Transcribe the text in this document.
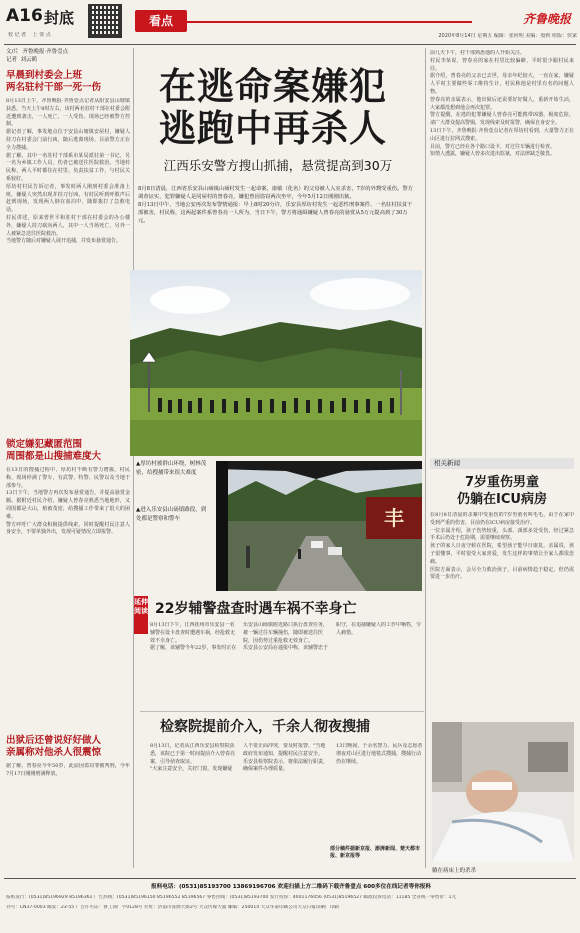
A16 封底
校 记 者    上 要 点
看点	齐鲁晚报
2020年8月14日 星期五 编辑：张何明 美编：殷莉 组版：侯家
文/片  齐鲁晚报·齐鲁壹点
记者  刘云鹤
早晨到村委会上班
两名驻村干部一死一伤
8月13日上午，齐鲁晚报·齐鲁壹点记者从阳安县山塘镇获悉，当天上午8时左右，该村两名驻村干部在村委会附近遭到袭击，一人死亡，一人受伤。现场已经被警方控制。
据记者了解，事发地点位于安县山塘镇安屋村，嫌疑人持刀在村委会门前行凶，随后逃离现场。目前警方正在全力搜捕。
据了解，其中一名驻村干部系市某局派驻第一书记，另一名为乡镇工作人员，伤者已被送往医院救治。当地村民称，两人平时都住在村里，负责扶贫工作，与村民关系较好。
厚坊村村民告诉记者，事发时两人刚到村委会准备上班，嫌疑人突然出现并持刀行凶。有村民听到呼救声后赶到现场，发现两人倒在血泊中，随即拨打了急救电话。
村民讲述，原来曾世平和驻村干部在村委会的办公楼外，嫌疑人持刀砍向两人，其中一人当场死亡，另外一人被紧急送往医院救治。
当地警方随后对嫌疑人展开追捕，并发布悬赏通告。
锁定嫌犯藏匿范围
周围都是山搜捕难度大
在13日的搜捕过程中，厚坊村不断有警力增援，村民称，现场停满了警车，有武警、特警、民警以及当地干部参与。
13日下午，当地警方再次发布悬赏通告，并提高悬赏金额。据附近村民介绍，嫌疑人曾春亮熟悉当地地形，又周围都是大山，植被茂密，给搜捕工作带来了很大的困难。
警方呼吁广大群众积极提供线索，同时提醒村民注意人身安全，不要单独外出，发现可疑情况立即报警。
出狱后还曾说好好做人
亲属称对他杀人很震惊
据了解，曾春亮今年50岁，此前因盗窃罪被判刑，今年7月17日刚刚刑满释放。
在逃命案嫌犯
逃跑中再杀人
江西乐安警方搜山抓捕，悬赏提高到30万
8月8日清晨，江西省乐安县山砀镇山砀村发生一起命案，康敏（化名）的父母被人入室杀害，7岁的外甥受重伤。警方调查证实，犯罪嫌疑人是同屋村的曾春亮，嫌犯曾因盗窃两次坐牢，今年5月12日刚刚出狱。
8月13日中午，当地公安再次发布警情通报：早上8时20分许，乐安县厚坊村发生一起恶性刑事案件，一名驻村扶贫干部被害，村民称，这两起案件系曾春亮一人所为，当日下午，警方将通缉嫌疑人曾春亮的悬赏从5万元提高到了30万元。
▲厚坊村被群山环绕，树林茂密，给搜捕带来很大难度
▲进入乐安县山砀镇路段，到处都是警察和警车	丰
延伸阅读 22岁辅警盘查时遇车祸不幸身亡
8月13日下午，江西抚州市乐安县一名辅警在设卡盘查时遭遇车祸，经抢救无效不幸身亡。
据了解，该辅警今年22岁，事发时正在乐安县山砀镇附近路口执行盘查任务，被一辆过往车辆撞伤，随即被送往医院，因伤势过重抢救无效身亡。
乐安县公安局在通报中称，该辅警忠于职守，在追捕嫌疑人的工作中牺牲，令人痛惜。
检察院提前介入，千余人彻夜搜捕
8月13日，记者从江西乐安县检察院获悉，该院已于第一时间提前介入曾春亮案，引导侦查取证。
"大家注意安全，关好门窗，发现嫌疑人不要正面冲突，要及时报警。"当地政府发布通知，提醒村民注意安全。
乐安县检察院表示，将依法履行职责，确保案件办理质量。
13日晚间，千余名警力、民兵及志愿者彻夜对山区进行地毯式搜捕，搜捕行动仍在继续。
部分稿件据新京报、澎湃新闻、楚天都市报、新京报等
前几天下午，村干部熟悉他的人开始关注。
村民李某说，曾春亮的家在村里比较偏僻，平时很少跟村民来往。
据介绍，曾春亮的父亲已去世，母亲年纪较大，一直在家，嫌疑人平时主要做些零工维持生计，村民称他是村里有名的问题人物。
曾春亮的亲属表示，他出狱后还说要好好做人，重新开始生活，大家都没想到他会再次犯罪。
警方提醒，在逃的犯罪嫌疑人曾春亮可能携带凶器，极度危险，请广大群众提高警惕，发现线索及时报警，确保自身安全。
13日下午，齐鲁晚报·齐鲁壹点记者在厚坊村看到，大量警力正在山区进行拉网式搜索。
目前，警方已经在各个路口设卡，对过往车辆进行检查。
知情人透露，嫌疑人曾多次进出监狱，对法律缺乏敬畏。
相关新闻
7岁重伤男童
仍躺在ICU病房
在8月8日清晨的杀案中受重伤的7岁男童名叫毛毛，由于在家中受到严重的伤害，目前仍在ICU病房接受治疗。
一位亲属介绍，孩子伤势较重，头部、颈部多处受伤，经过紧急手术后仍处于危险期，需要继续观察。
孩子的家人日夜守候在医院，希望孩子能早日康复。亲属说，孩子很懂事，平时很受大家喜爱，发生这样的事情让全家人都很悲痛。
医院方面表示，会尽全力救治孩子，目前病情趋于稳定，但仍需要进一步治疗。
躺在病床上的杀杀
报料电话：(0531)85193700 13869196706 欢迎扫描上方二维码下载齐鲁壹点 600多位在线记者等你报料
报纸发行：(0531)85196929 85196361 广告热线：(0531)85196150 85196552 85196567 零售热线：(0531)85193700 发行投诉：4001176056 (0531)85196527 邮政投诉电话：11185 全省统一零售价：1元
刊号：CN37-0003 邮发：23-55 广告许可证：鲁工商广字0128号 社址：济南市泺源大街2号 大众传媒大厦 邮编：250014 大众华泰印刷公司大众日报印刷厂印刷
